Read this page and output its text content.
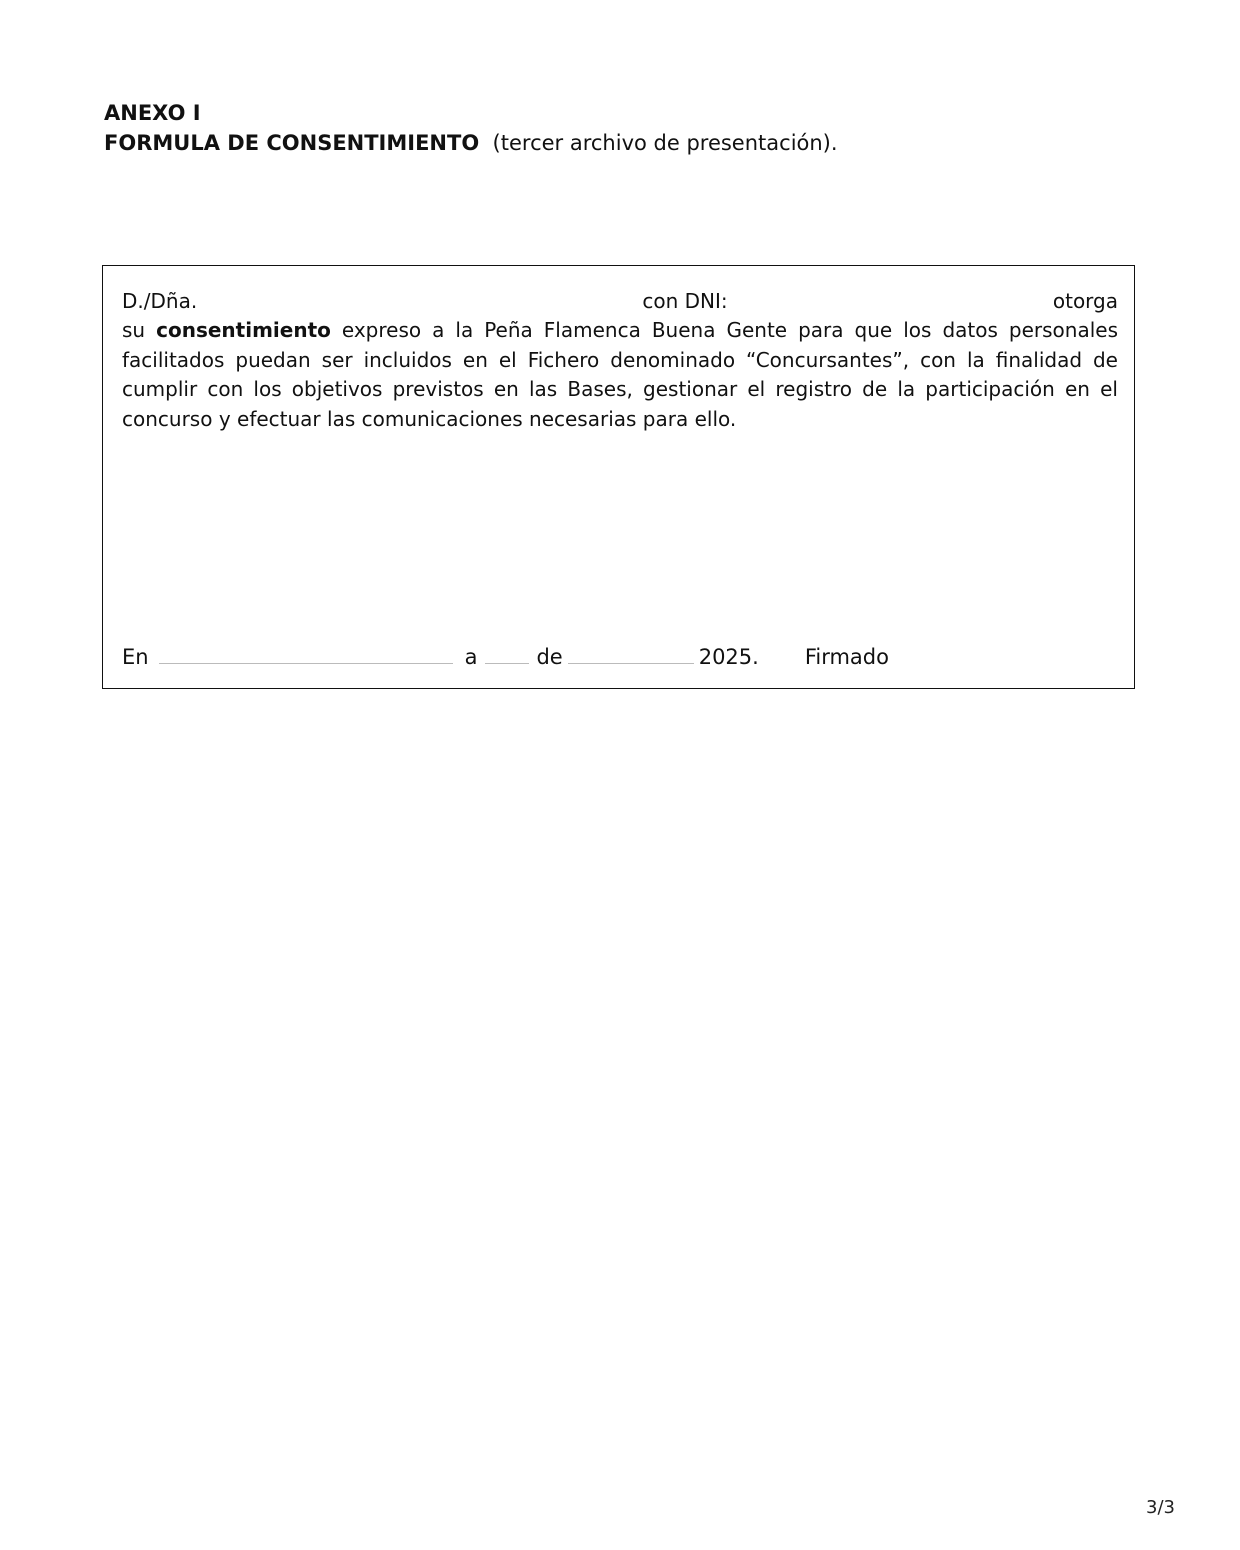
ANEXO I
FORMULA DE CONSENTIMIENTO (tercer archivo de presentación).
D./Dña.	con DNI:	otorga
su consentimiento expreso a la Peña Flamenca Buena Gente para que los datos personales facilitados puedan ser incluidos en el Fichero denominado “Concursantes”, con la finalidad de cumplir con los objetivos previstos en las Bases, gestionar el registro de la participación en el concurso y efectuar las comunicaciones necesarias para ello.
En	a	de	2025. Firmado
3/3
